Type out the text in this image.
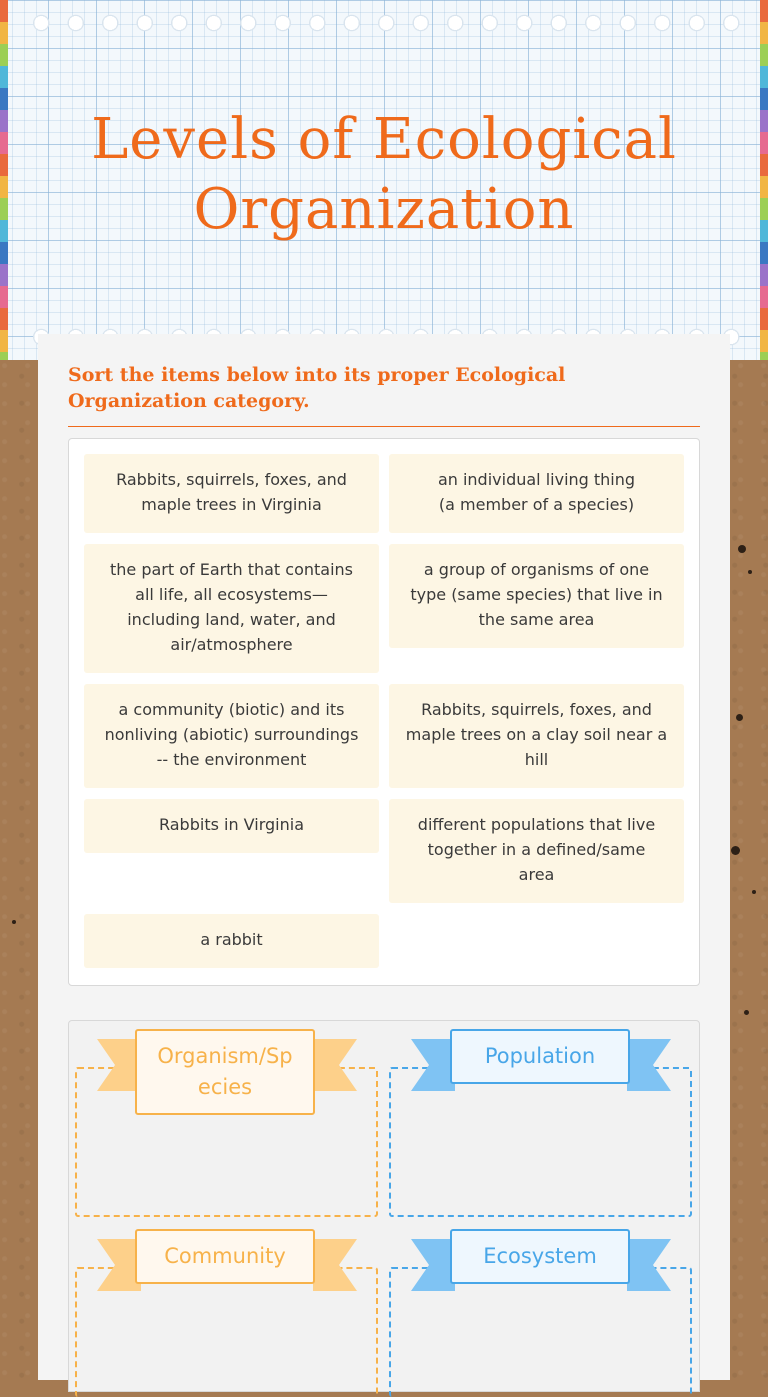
Levels of Ecological
Organization

Sort the items below into its proper Ecological Organization category.

Rabbits, squirrels, foxes, and
maple trees in Virginia
an individual living thing
(a member of a species)
the part of Earth that contains
all life, all ecosystems—
including land, water, and
air/atmosphere
a group of organisms of one
type (same species) that live in
the same area
a community (biotic) and its
nonliving (abiotic) surroundings
-- the environment
Rabbits, squirrels, foxes, and
maple trees on a clay soil near a
hill
Rabbits in Virginia	different populations that live
together in a defined/same
area
a rabbit
Organism/Sp
ecies
Population
Community	Ecosystem
